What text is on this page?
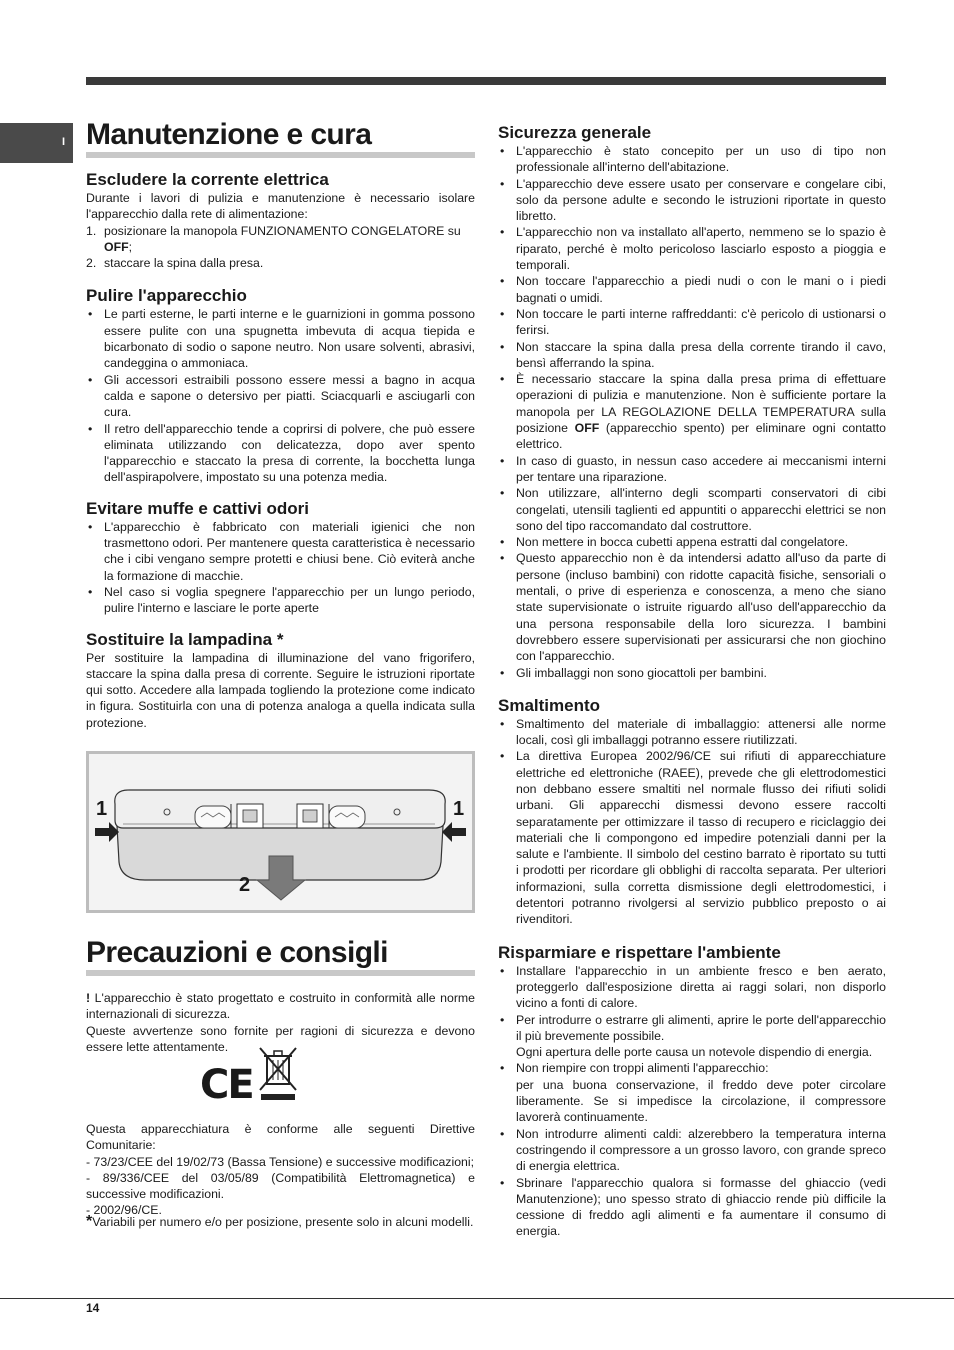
I Manutenzione e cura
Escludere la corrente elettrica

Durante i lavori di pulizia e manutenzione è necessario isolare l'apparecchio dalla rete di alimentazione:

1. posizionare la manopola FUNZIONAMENTO CONGELATORE su OFF;
2. staccare la spina dalla presa.
Pulire l'apparecchio
• Le parti esterne, le parti interne e le guarnizioni in gomma possono essere pulite con una spugnetta imbevuta di acqua tiepida e bicarbonato di sodio o sapone neutro. Non usare solventi, abrasivi, candeggina o ammoniaca.
• Gli accessori estraibili possono essere messi a bagno in acqua calda e sapone o detersivo per piatti. Sciacquarli e asciugarli con cura.
• Il retro dell'apparecchio tende a coprirsi di polvere, che può essere eliminata utilizzando con delicatezza, dopo aver spento l'apparecchio e staccato la presa di corrente, la bocchetta lunga dell'aspirapolvere, impostato su una potenza media.
Evitare muffe e cattivi odori
• L'apparecchio è fabbricato con materiali igienici che non trasmettono odori. Per mantenere questa caratteristica è necessario che i cibi vengano sempre protetti e chiusi bene. Ciò eviterà anche la formazione di macchie.
• Nel caso si voglia spegnere l'apparecchio per un lungo periodo, pulire l'interno e lasciare le porte aperte
Sostituire la lampadina *

Per sostituire la lampadina di illuminazione del vano frigorifero, staccare la spina dalla presa di corrente. Seguire le istruzioni riportate qui sotto. Accedere alla lampada togliendo la protezione come indicato in figura. Sostituirla con una di potenza analoga a quella indicata sulla protezione.

1	1
2
Precauzioni e consigli

! L'apparecchio è stato progettato e costruito in conformità alle norme internazionali di sicurezza.

Queste avvertenze sono fornite per ragioni di sicurezza e devono essere lette attentamente.

CE

Questa apparecchiatura è conforme alle seguenti Direttive Comunitarie:

- 73/23/CEE del 19/02/73 (Bassa Tensione) e successive modificazioni;

- 89/336/CEE del 03/05/89 (Compatibilità Elettromagnetica) e successive modificazioni.

- 2002/96/CE.

*Variabili per numero e/o per posizione, presente solo in alcuni modelli.

Sicurezza generale
• L'apparecchio è stato concepito per un uso di tipo non professionale all'interno dell'abitazione.
• L'apparecchio deve essere usato per conservare e congelare cibi, solo da persone adulte e secondo le istruzioni riportate in questo libretto.
• L'apparecchio non va installato all'aperto, nemmeno se lo spazio è riparato, perché è molto pericoloso lasciarlo esposto a pioggia e temporali.
• Non toccare l'apparecchio a piedi nudi o con le mani o i piedi bagnati o umidi.
• Non toccare le parti interne raffreddanti: c'è pericolo di ustionarsi o ferirsi.
• Non staccare la spina dalla presa della corrente tirando il cavo, bensì afferrando la spina.
• È necessario staccare la spina dalla presa prima di effettuare operazioni di pulizia e manutenzione. Non è sufficiente portare la manopola per LA REGOLAZIONE DELLA TEMPERATURA sulla posizione OFF (apparecchio spento) per eliminare ogni contatto elettrico.
• In caso di guasto, in nessun caso accedere ai meccanismi interni per tentare una riparazione.
• Non utilizzare, all'interno degli scomparti conservatori di cibi congelati, utensili taglienti ed appuntiti o apparecchi elettrici se non sono del tipo raccomandato dal costruttore.
• Non mettere in bocca cubetti appena estratti dal congelatore.
• Questo apparecchio non è da intendersi adatto all'uso da parte di persone (incluso bambini) con ridotte capacità fisiche, sensoriali o mentali, o prive di esperienza e conoscenza, a meno che siano state supervisionate o istruite riguardo all'uso dell'apparecchio da una persona responsabile della loro sicurezza. I bambini dovrebbero essere supervisionati per assicurarsi che non giochino con l'apparecchio.
• Gli imballaggi non sono giocattoli per bambini.
Smaltimento
• Smaltimento del materiale di imballaggio: attenersi alle norme locali, così gli imballaggi potranno essere riutilizzati.
• La direttiva Europea 2002/96/CE sui rifiuti di apparecchiature elettriche ed elettroniche (RAEE), prevede che gli elettrodomestici non debbano essere smaltiti nel normale flusso dei rifiuti solidi urbani. Gli apparecchi dismessi devono essere raccolti separatamente per ottimizzare il tasso di recupero e riciclaggio dei materiali che li compongono ed impedire potenziali danni per la salute e l'ambiente. Il simbolo del cestino barrato è riportato su tutti i prodotti per ricordare gli obblighi di raccolta separata. Per ulteriori informazioni, sulla corretta dismissione degli elettrodomestici, i detentori potranno rivolgersi al servizio pubblico preposto o ai rivenditori.
Risparmiare e rispettare l'ambiente
• Installare l'apparecchio in un ambiente fresco e ben aerato, proteggerlo dall'esposizione diretta ai raggi solari, non disporlo vicino a fonti di calore.
• Per introdurre o estrarre gli alimenti, aprire le porte dell'apparecchio il più brevemente possibile.

Ogni apertura delle porte causa un notevole dispendio di energia.

• Non riempire con troppi alimenti l'apparecchio:

per una buona conservazione, il freddo deve poter circolare liberamente. Se si impedisce la circolazione, il compressore lavorerà continuamente.

• Non introdurre alimenti caldi: alzerebbero la temperatura interna costringendo il compressore a un grosso lavoro, con grande spreco di energia elettrica.
• Sbrinare l'apparecchio qualora si formasse del ghiaccio (vedi Manutenzione); uno spesso strato di ghiaccio rende più difficile la cessione di freddo agli alimenti e fa aumentare il consumo di energia.
14
